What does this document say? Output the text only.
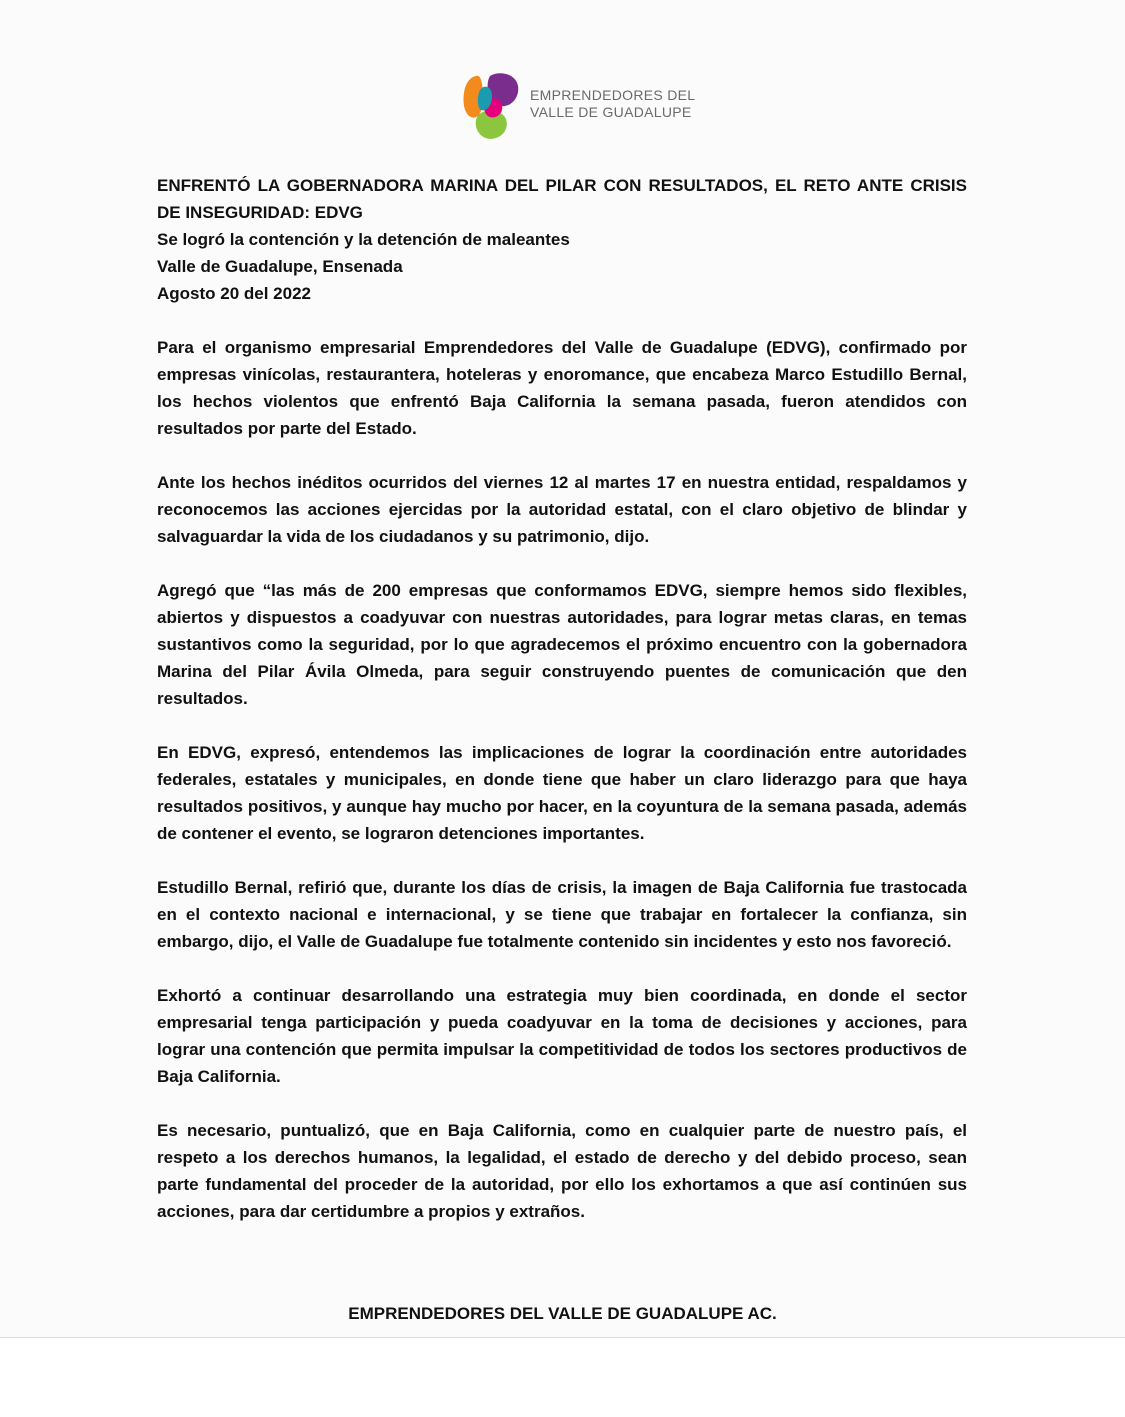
EMPRENDEDORES DEL
VALLE DE GUADALUPE

ENFRENTÓ LA GOBERNADORA MARINA DEL PILAR CON RESULTADOS, EL RETO ANTE CRISIS DE INSEGURIDAD: EDVG

Se logró la contención y la detención de maleantes

Valle de Guadalupe, Ensenada

Agosto 20 del 2022

Para el organismo empresarial Emprendedores del Valle de Guadalupe (EDVG), confirmado por empresas vinícolas, restaurantera, hoteleras y enoromance, que encabeza Marco Estudillo Bernal, los hechos violentos que enfrentó Baja California la semana pasada, fueron atendidos con resultados por parte del Estado.

Ante los hechos inéditos ocurridos del viernes 12 al martes 17 en nuestra entidad, respaldamos y reconocemos las acciones ejercidas por la autoridad estatal, con el claro objetivo de blindar y salvaguardar la vida de los ciudadanos y su patrimonio, dijo.

Agregó que “las más de 200 empresas que conformamos EDVG, siempre hemos sido flexibles, abiertos y dispuestos a coadyuvar con nuestras autoridades, para lograr metas claras, en temas sustantivos como la seguridad, por lo que agradecemos el próximo encuentro con la gobernadora Marina del Pilar Ávila Olmeda, para seguir construyendo puentes de comunicación que den resultados.

En EDVG, expresó, entendemos las implicaciones de lograr la coordinación entre autoridades federales, estatales y municipales, en donde tiene que haber un claro liderazgo para que haya resultados positivos, y aunque hay mucho por hacer, en la coyuntura de la semana pasada, además de contener el evento, se lograron detenciones importantes.

Estudillo Bernal, refirió que, durante los días de crisis, la imagen de Baja California fue trastocada en el contexto nacional e internacional, y se tiene que trabajar en fortalecer la confianza, sin embargo, dijo, el Valle de Guadalupe fue totalmente contenido sin incidentes y esto nos favoreció.

Exhortó a continuar desarrollando una estrategia muy bien coordinada, en donde el sector empresarial tenga participación y pueda coadyuvar en la toma de decisiones y acciones, para lograr una contención que permita impulsar la competitividad de todos los sectores productivos de Baja California.

Es necesario, puntualizó, que en Baja California, como en cualquier parte de nuestro país, el respeto a los derechos humanos, la legalidad, el estado de derecho y del debido proceso, sean parte fundamental del proceder de la autoridad, por ello los exhortamos a que así continúen sus acciones, para dar certidumbre a propios y extraños.

EMPRENDEDORES DEL VALLE DE GUADALUPE AC.
